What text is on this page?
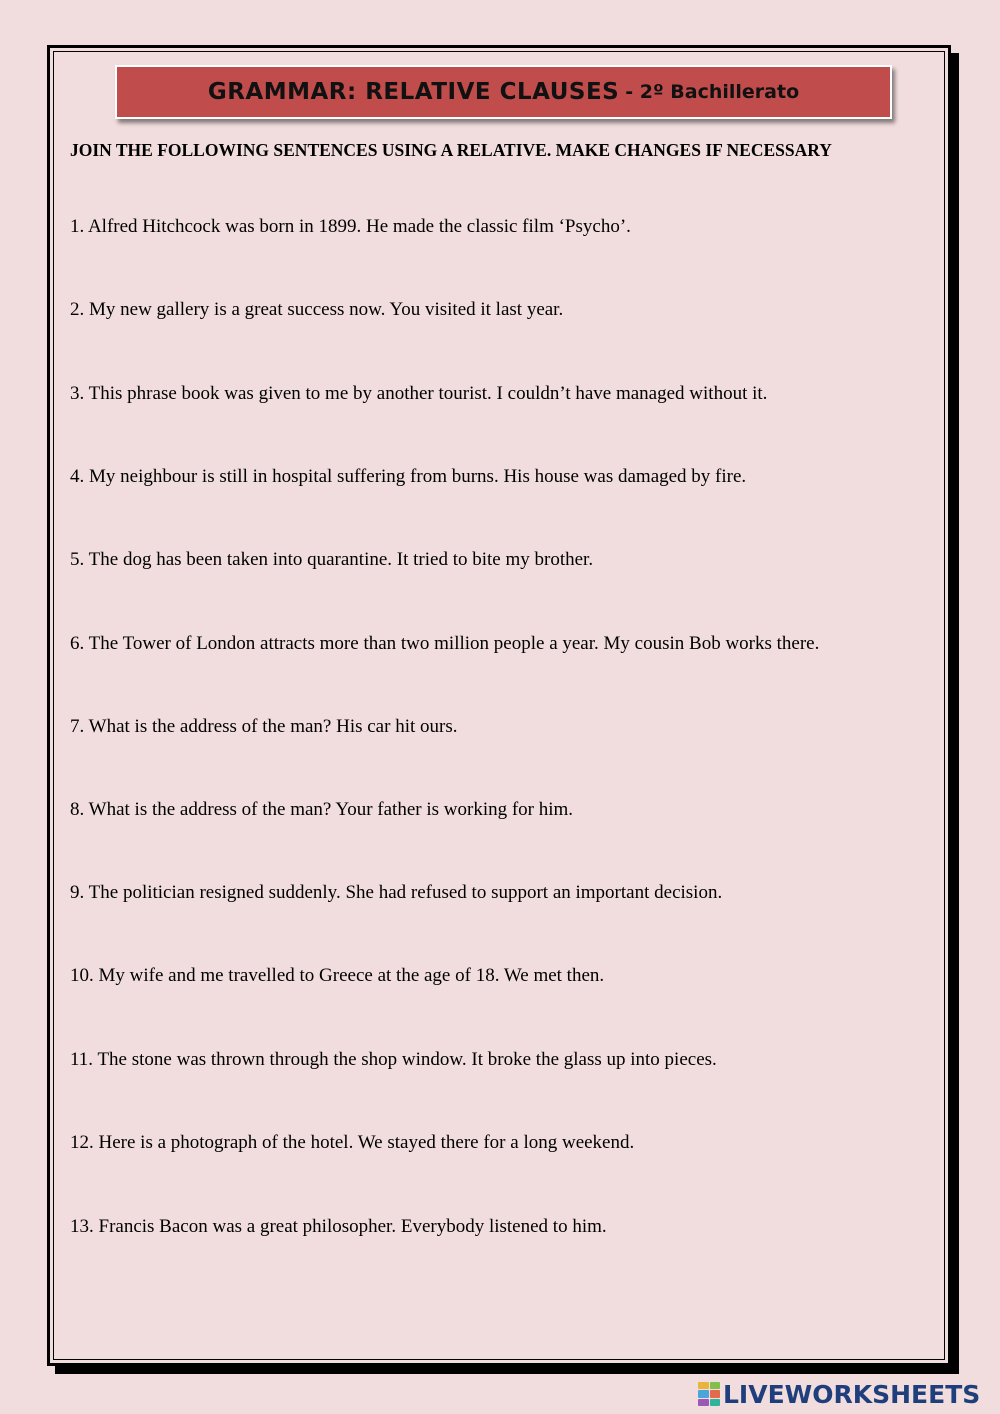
GRAMMAR: RELATIVE CLAUSES - 2º Bachillerato
JOIN THE FOLLOWING SENTENCES USING A RELATIVE. MAKE CHANGES IF NECESSARY
1. Alfred Hitchcock was born in 1899. He made the classic film ‘Psycho’.
2. My new gallery is a great success now. You visited it last year.
3. This phrase book was given to me by another tourist. I couldn’t have managed without it.
4. My neighbour is still in hospital suffering from burns. His house was damaged by fire.
5. The dog has been taken into quarantine. It tried to bite my brother.
6. The Tower of London attracts more than two million people a year. My cousin Bob works there.
7. What is the address of the man? His car hit ours.
8. What is the address of the man? Your father is working for him.
9. The politician resigned suddenly. She had refused to support an important decision.
10. My wife and me travelled to Greece at the age of 18. We met then.
11. The stone was thrown through the shop window. It broke the glass up into pieces.
12. Here is a photograph of the hotel. We stayed there for a long weekend.
13. Francis Bacon was a great philosopher. Everybody listened to him.
LIVEWORKSHEETS
